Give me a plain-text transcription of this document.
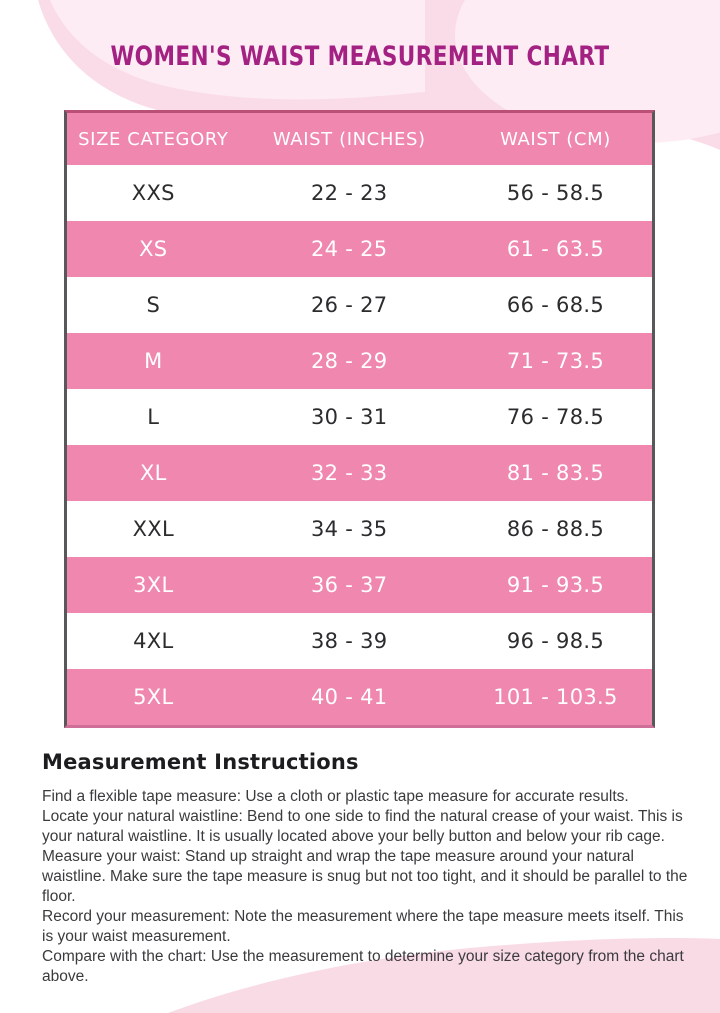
WOMEN'S WAIST MEASUREMENT CHART
SIZE CATEGORY	WAIST (INCHES)	WAIST (CM)
XXS	22 - 23	56 - 58.5
XS	24 - 25	61 - 63.5
S	26 - 27	66 - 68.5
M	28 - 29	71 - 73.5
L	30 - 31	76 - 78.5
XL	32 - 33	81 - 83.5
XXL	34 - 35	86 - 88.5
3XL	36 - 37	91 - 93.5
4XL	38 - 39	96 - 98.5
5XL	40 - 41	101 - 103.5
Measurement Instructions

Find a flexible tape measure: Use a cloth or plastic tape measure for accurate results.

Locate your natural waistline: Bend to one side to find the natural crease of your waist. This is your natural waistline. It is usually located above your belly button and below your rib cage.

Measure your waist: Stand up straight and wrap the tape measure around your natural waistline. Make sure the tape measure is snug but not too tight, and it should be parallel to the floor.

Record your measurement: Note the measurement where the tape measure meets itself. This is your waist measurement.

Compare with the chart: Use the measurement to determine your size category from the chart above.
